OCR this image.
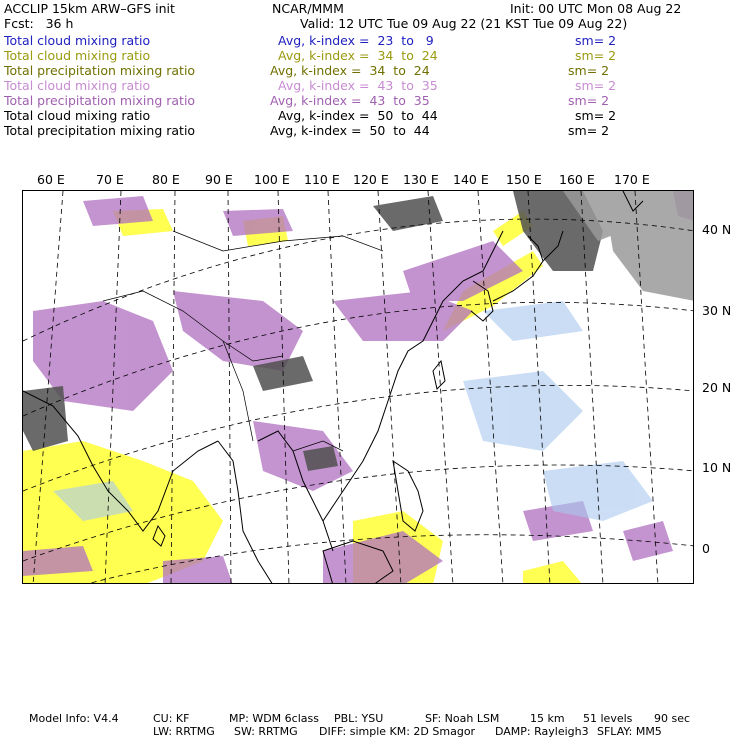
ACCLIP 15km ARW–GFS init	NCAR/MMM	Init: 00 UTC Mon 08 Aug 22
Fcst:   36 h	Valid: 12 UTC Tue 09 Aug 22 (21 KST Tue 09 Aug 22)
Total cloud mixing ratio	Avg, k-index =  23  to   9	sm= 2
Total cloud mixing ratio	Avg, k-index =  34  to  24	sm= 2
Total precipitation mixing ratio	Avg, k-index =  34  to  24	sm= 2
Total cloud mixing ratio	Avg, k-index =  43  to  35	sm= 2
Total precipitation mixing ratio	Avg, k-index =  43  to  35	sm= 2
Total cloud mixing ratio	Avg, k-index =  50  to  44	sm= 2
Total precipitation mixing ratio	Avg, k-index =  50  to  44	sm= 2
60 E 70 E 80 E 90 E 100 E 110 E 120 E 130 E 140 E 150 E 160 E 170 E
40 N
30 N
20 N
10 N
0
Model Info: V4.4	CU: KF	MP: WDM 6class PBL: YSU	SF: Noah LSM	15 km 51 levels 90 sec
LW: RRTMG SW: RRTMG DIFF: simple KM: 2D Smagor DAMP: Rayleigh3 SFLAY: MM5
